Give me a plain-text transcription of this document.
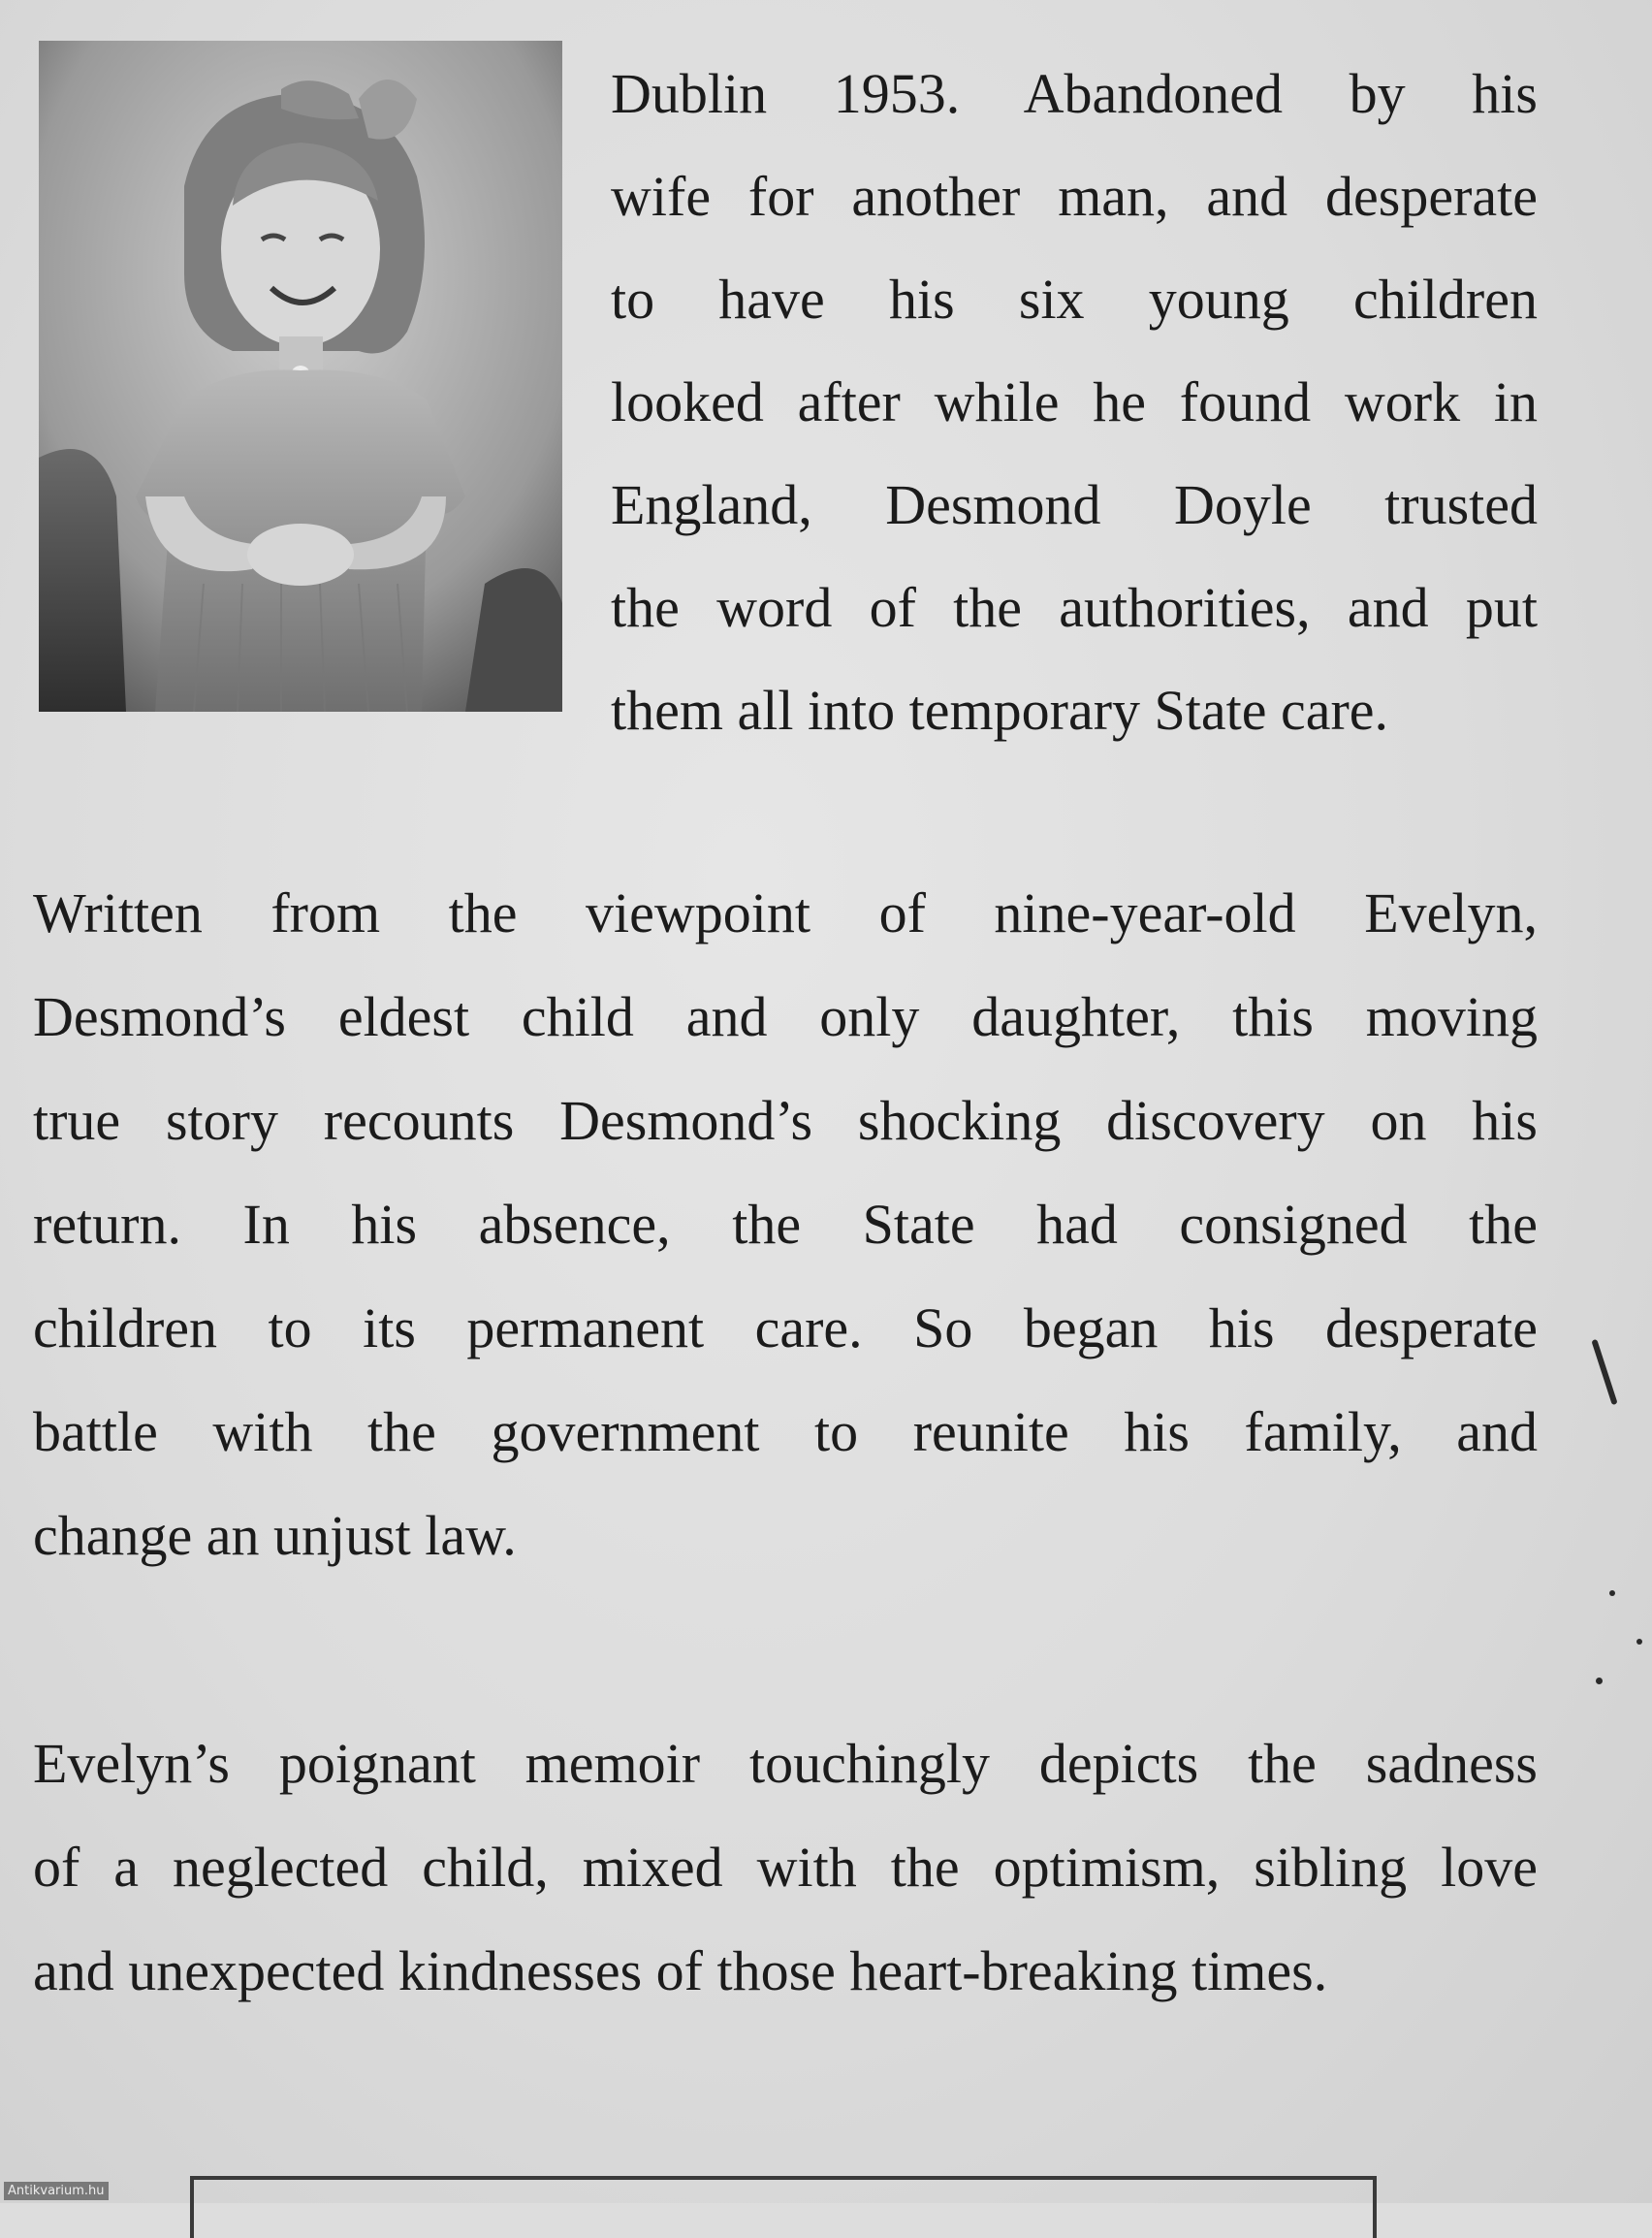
Dublin 1953. Abandoned by his
wife for another man, and desperate
to have his six young children
looked after while he found work in
England, Desmond Doyle trusted
the word of the authorities, and put
them all into temporary State care.

Written from the viewpoint of nine-year-old Evelyn,
Desmond’s eldest child and only daughter, this moving
true story recounts Desmond’s shocking discovery on his
return. In his absence, the State had consigned the
children to its permanent care. So began his desperate
battle with the government to reunite his family, and
change an unjust law.

Evelyn’s poignant memoir touchingly depicts the sadness
of a neglected child, mixed with the optimism, sibling love
and unexpected kindnesses of those heart-breaking times.

Antikvarium.hu
